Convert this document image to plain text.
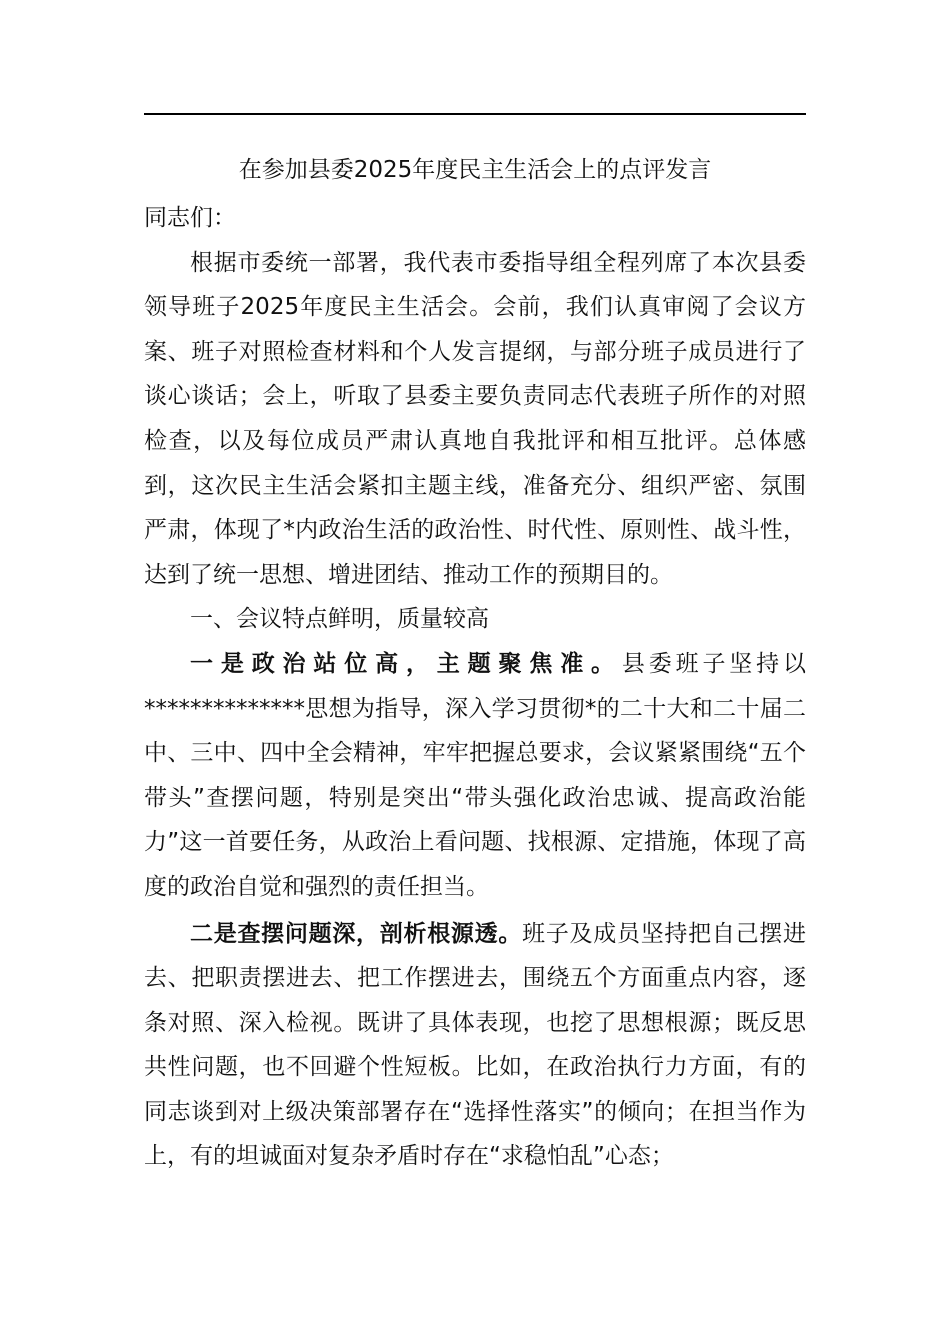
在参加县委2025年度民主生活会上的点评发言

同志们：

根据市委统一部署，我代表市委指导组全程列席了本次县委领导班子2025年度民主生活会。会前，我们认真审阅了会议方案、班子对照检查材料和个人发言提纲，与部分班子成员进行了谈心谈话；会上，听取了县委主要负责同志代表班子所作的对照检查，以及每位成员严肃认真地自我批评和相互批评。总体感到，这次民主生活会紧扣主题主线，准备充分、组织严密、氛围严肃，体现了*内政治生活的政治性、时代性、原则性、战斗性，达到了统一思想、增进团结、推动工作的预期目的。

一、会议特点鲜明，质量较高

一是政治站位高，主题聚焦准。县委班子坚持以**************思想为指导，深入学习贯彻*的二十大和二十届二中、三中、四中全会精神，牢牢把握总要求，会议紧紧围绕“五个带头”查摆问题，特别是突出“带头强化政治忠诚、提高政治能力”这一首要任务，从政治上看问题、找根源、定措施，体现了高度的政治自觉和强烈的责任担当。

二是查摆问题深，剖析根源透。班子及成员坚持把自己摆进去、把职责摆进去、把工作摆进去，围绕五个方面重点内容，逐条对照、深入检视。既讲了具体表现，也挖了思想根源；既反思共性问题，也不回避个性短板。比如，在政治执行力方面，有的同志谈到对上级决策部署存在“选择性落实”的倾向；在担当作为上，有的坦诚面对复杂矛盾时存在“求稳怕乱”心态；
